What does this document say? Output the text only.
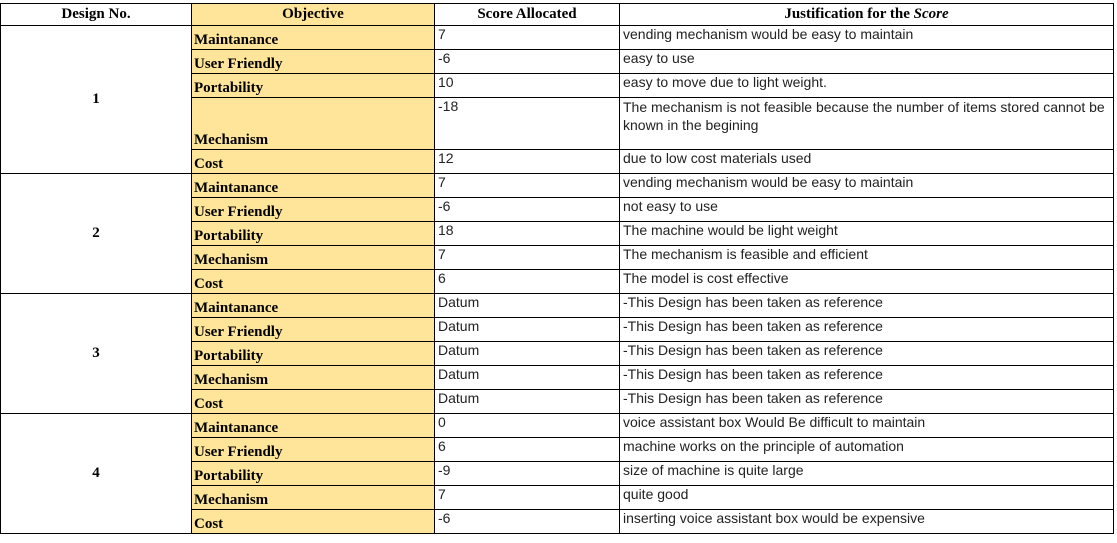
Design No.	Objective	Score Allocated	Justification for the Score
1	Maintanance	7	vending mechanism would be easy to maintain
	User Friendly	-6	easy to use
	Portability	10	easy to move due to light weight.
	Mechanism	-18	The mechanism is not feasible because the number of items stored cannot be known in the begining
	Cost	12	due to low cost materials used
2	Maintanance	7	vending mechanism would be easy to maintain
	User Friendly	-6	not easy to use
	Portability	18	The machine would be light weight
	Mechanism	7	The mechanism is feasible and efficient
	Cost	6	The model is cost effective
3	Maintanance	Datum	-This Design has been taken as reference
	User Friendly	Datum	-This Design has been taken as reference
	Portability	Datum	-This Design has been taken as reference
	Mechanism	Datum	-This Design has been taken as reference
	Cost	Datum	-This Design has been taken as reference
4	Maintanance	0	voice assistant box Would Be difficult to maintain
	User Friendly	6	machine works on the principle of automation
	Portability	-9	size of machine is quite large
	Mechanism	7	quite good
	Cost	-6	inserting voice assistant box would be expensive
